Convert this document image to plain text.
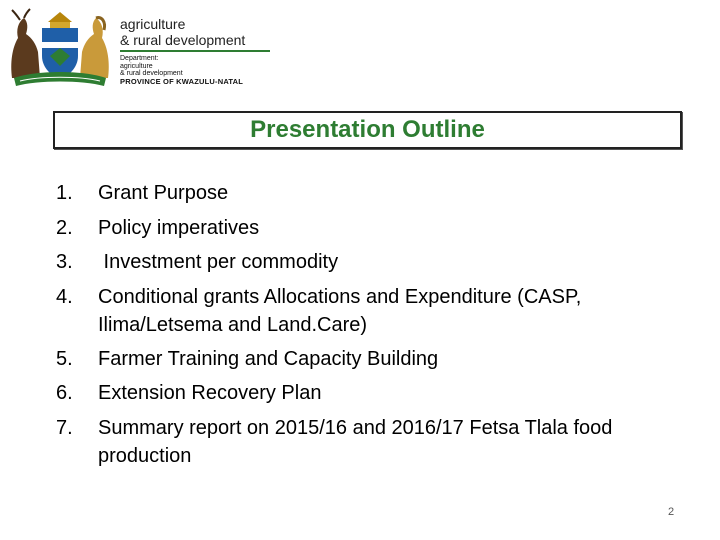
agriculture
& rural development
Department:
agriculture
& rural development
PROVINCE OF KWAZULU-NATAL
Presentation Outline
1.	Grant Purpose
2.	Policy imperatives
3.	Investment per commodity
4.	Conditional grants Allocations and Expenditure (CASP, Ilima/Letsema and Land.Care)
5.	Farmer Training and Capacity Building
6.	Extension Recovery Plan
7.	Summary report on 2015/16 and 2016/17 Fetsa Tlala food production
2
